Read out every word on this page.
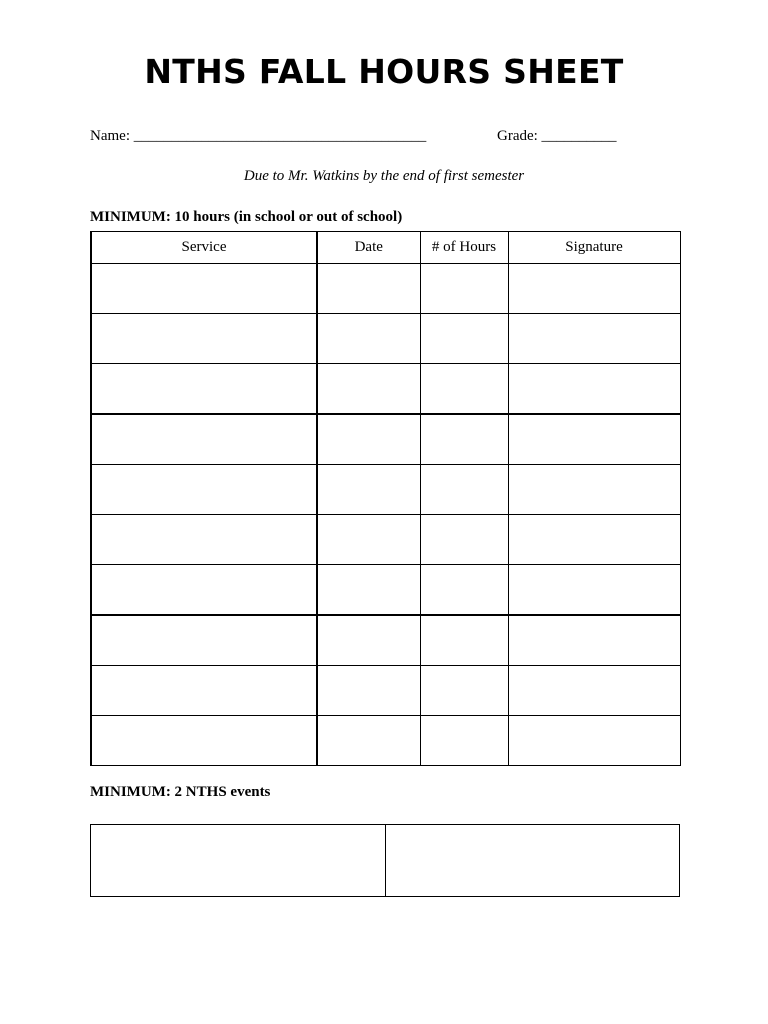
NTHS FALL HOURS SHEET
Name: _______________________________________	Grade: __________
Due to Mr. Watkins by the end of first semester
MINIMUM: 10 hours (in school or out of school)
Service	Date	# of Hours	Signature

MINIMUM: 2 NTHS events
